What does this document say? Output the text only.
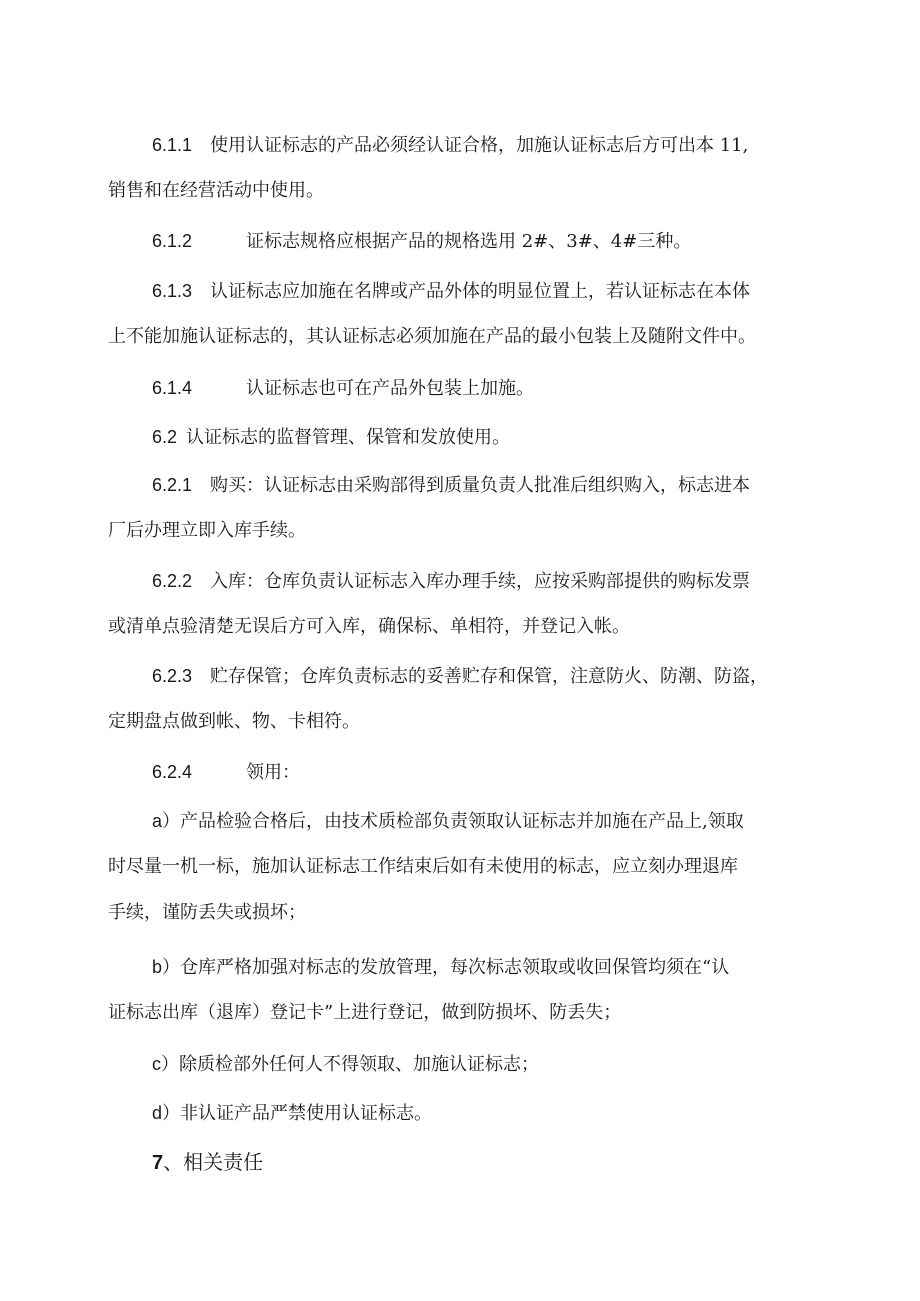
6.1.1 使用认证标志的产品必须经认证合格，加施认证标志后方可出本 11,
销售和在经营活动中使用。
6.1.2	证标志规格应根据产品的规格选用 2#、3#、4#三种。
6.1.3 认证标志应加施在名牌或产品外体的明显位置上，若认证标志在本体
上不能加施认证标志的，其认证标志必须加施在产品的最小包装上及随附文件中。
6.1.4	认证标志也可在产品外包装上加施。
6.2 认证标志的监督管理、保管和发放使用。
6.2.1 购买：认证标志由采购部得到质量负责人批准后组织购入，标志进本
厂后办理立即入库手续。
6.2.2 入库：仓库负责认证标志入库办理手续，应按采购部提供的购标发票
或清单点验清楚无误后方可入库，确保标、单相符，并登记入帐。
6.2.3 贮存保管；仓库负责标志的妥善贮存和保管，注意防火、防潮、防盗，
定期盘点做到帐、物、卡相符。
6.2.4	领用：
a）产品检验合格后，由技术质检部负责领取认证标志并加施在产品上,领取
时尽量一机一标，施加认证标志工作结束后如有未使用的标志，应立刻办理退库
手续，谨防丢失或损坏；
b）仓库严格加强对标志的发放管理，每次标志领取或收回保管均须在“认
证标志出库（退库）登记卡”上进行登记，做到防损坏、防丢失；
c）除质检部外任何人不得领取、加施认证标志；
d）非认证产品严禁使用认证标志。
7、相关责任
